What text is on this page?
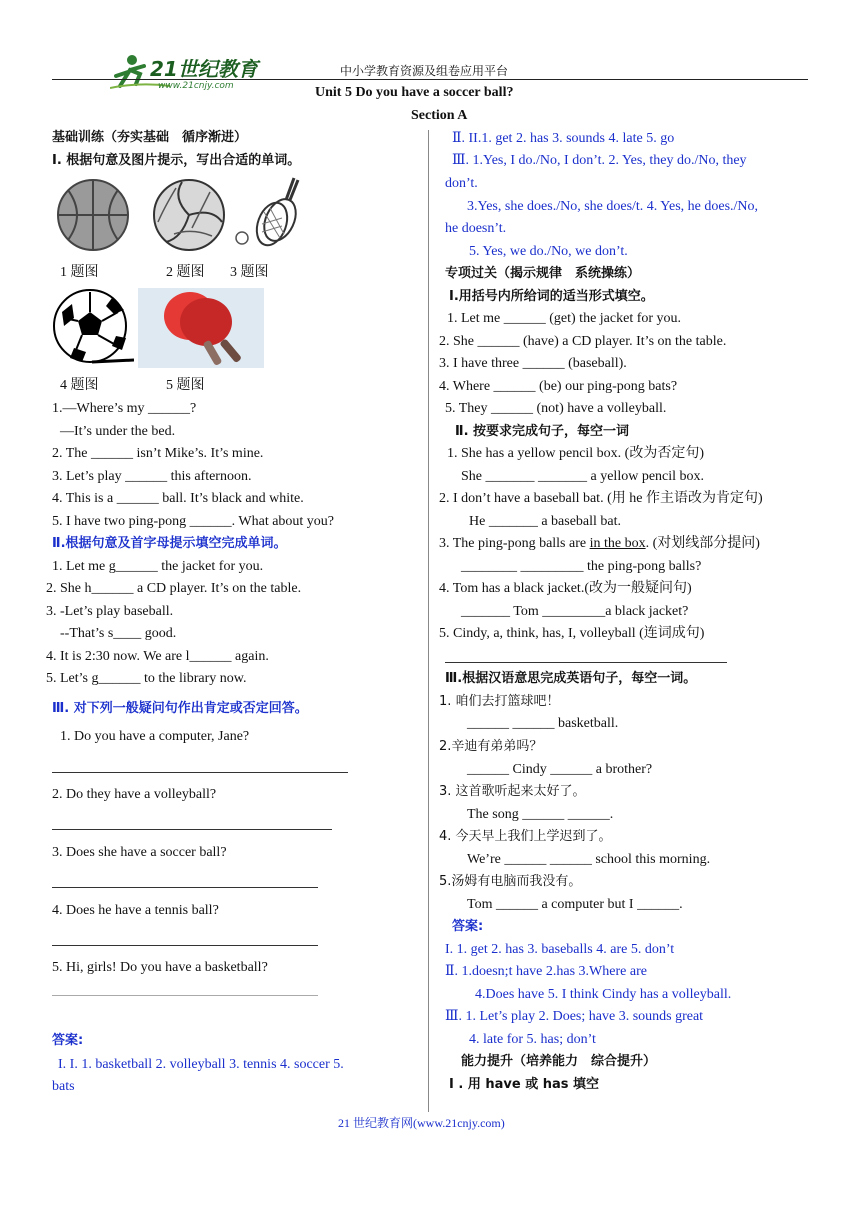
21世纪教育
www.21cnjy.com
中小学教育资源及组卷应用平台
Unit 5 Do you have a soccer ball?
Section A
基础训练（夯实基础　循序渐进）
Ⅰ. 根据句意及图片提示，写出合适的单词。
1 题图	2 题图 3 题图
4 题图	5 题图
1.—Where’s my ______?
—It’s under the bed.
2. The ______ isn’t Mike’s. It’s mine.
3. Let’s play ______ this afternoon.
4. This is a ______ ball. It’s black and white.
5. I have two ping-pong ______. What about you?
Ⅱ.根据句意及首字母提示填空完成单词。
1. Let me g______ the jacket for you.
2. She h______ a CD player. It’s on the table.
3. -Let’s play baseball.
--That’s s____ good.
4. It is 2:30 now. We are l______ again.
5. Let’s g______ to the library now.
Ⅲ. 对下列一般疑问句作出肯定或否定回答。
1. Do you have a computer, Jane?
2. Do they have a volleyball?
3. Does she have a soccer ball?
4. Does he have a tennis ball?
5. Hi, girls! Do you have a basketball?
答案:
I. I. 1. basketball 2. volleyball 3. tennis 4. soccer 5.
bats
Ⅱ. II.1. get 2. has 3. sounds 4. late 5. go
Ⅲ. 1.Yes, I do./No, I don’t. 2. Yes, they do./No, they
don’t.
3.Yes, she does./No, she does/t. 4. Yes, he does./No,
he doesn’t.
5. Yes, we do./No, we don’t.
专项过关（揭示规律　系统操练）
Ⅰ.用括号内所给词的适当形式填空。
1. Let me ______ (get) the jacket for you.
2. She ______ (have) a CD player. It’s on the table.
3. I have three ______ (baseball).
4. Where ______ (be) our ping-pong bats?
5. They ______ (not) have a volleyball.
Ⅱ. 按要求完成句子，每空一词
1. She has a yellow pencil box. (改为否定句)
She _______ _______ a yellow pencil box.
2. I don’t have a baseball bat. (用 he 作主语改为肯定句)
He _______ a baseball bat.
3. The ping-pong balls are in the box. (对划线部分提问)
________ _________ the ping-pong balls?
4. Tom has a black jacket.(改为一般疑问句)
_______ Tom _________a black jacket?
5. Cindy, a, think, has, I, volleyball (连词成句)
Ⅲ.根据汉语意思完成英语句子，每空一词。
1. 咱们去打篮球吧！
______ ______ basketball.
2.辛迪有弟弟吗？
______ Cindy ______ a brother?
3. 这首歌听起来太好了。
The song ______ ______.
4. 今天早上我们上学迟到了。
We’re ______ ______ school this morning.
5.汤姆有电脑而我没有。
Tom ______ a computer but I ______.
答案:
I. 1. get 2. has 3. baseballs 4. are 5. don’t
Ⅱ. 1.doesn;t have 2.has 3.Where are
4.Does have 5. I think Cindy has a volleyball.
Ⅲ. 1. Let’s play 2. Does; have 3. sounds great
4. late for 5. has; don’t
能力提升（培养能力　综合提升）
Ⅰ . 用 have 或 has 填空
21 世纪教育网(www.21cnjy.com)
